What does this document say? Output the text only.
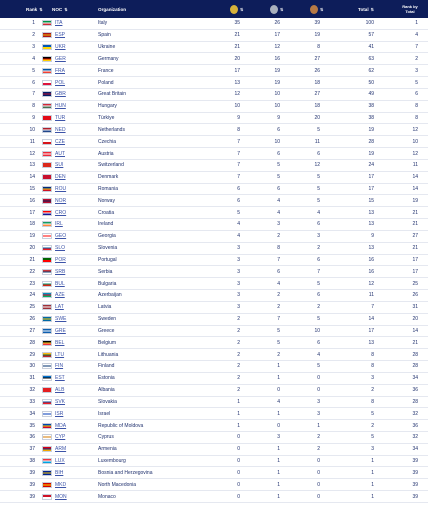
Rank ⇅ NOC ⇅	Organization	⇅	⇅	⇅	Total ⇅	Rank by Total
1	ITA	Italy	35	26	39	100	1
2	ESP	Spain	21	17	19	57	4
3	UKR	Ukraine	21	12	8	41	7
4	GER	Germany	20	16	27	63	2
5	FRA	France	17	19	26	62	3
6	POL	Poland	13	19	18	50	5
7	GBR	Great Britain	12	10	27	49	6
8	HUN	Hungary	10	10	18	38	8
9	TUR	Türkiye	9	9	20	38	8
10	NED	Netherlands	8	6	5	19	12
11	CZE	Czechia	7	10	11	28	10
12	AUT	Austria	7	6	6	19	12
13	SUI	Switzerland	7	5	12	24	11
14	DEN	Denmark	7	5	5	17	14
15	ROU	Romania	6	6	5	17	14
16	NOR	Norway	6	4	5	15	19
17	CRO	Croatia	5	4	4	13	21
18	IRL	Ireland	4	3	6	13	21
19	GEO	Georgia	4	2	3	9	27
20	SLO	Slovenia	3	8	2	13	21
21	POR	Portugal	3	7	6	16	17
22	SRB	Serbia	3	6	7	16	17
23	BUL	Bulgaria	3	4	5	12	25
24	AZE	Azerbaijan	3	2	6	11	26
25	LAT	Latvia	3	2	2	7	31
26	SWE	Sweden	2	7	5	14	20
27	GRE	Greece	2	5	10	17	14
28	BEL	Belgium	2	5	6	13	21
29	LTU	Lithuania	2	2	4	8	28
30	FIN	Finland	2	1	5	8	28
31	EST	Estonia	2	1	0	3	34
32	ALB	Albania	2	0	0	2	36
33	SVK	Slovakia	1	4	3	8	28
34	ISR	Israel	1	1	3	5	32
35	MDA	Republic of Moldova	1	0	1	2	36
36	CYP	Cyprus	0	3	2	5	32
37	ARM	Armenia	0	1	2	3	34
38	LUX	Luxembourg	0	1	0	1	39
39	BIH	Bosnia and Herzegovina	0	1	0	1	39
39	MKD	North Macedonia	0	1	0	1	39
39	MON	Monaco	0	1	0	1	39
